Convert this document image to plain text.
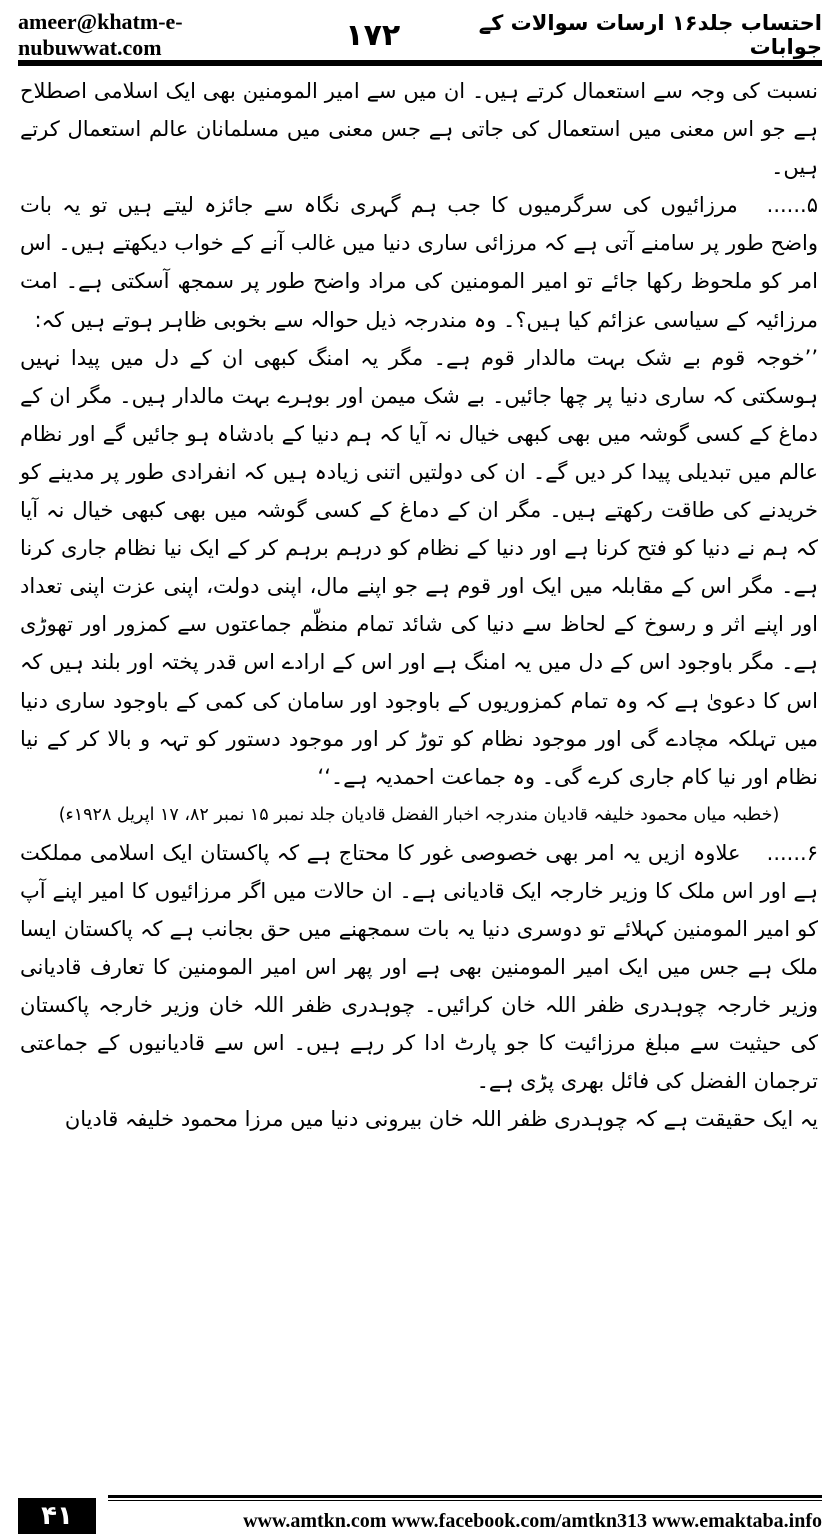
ameer@khatm-e-nubuwwat.com	۱۷۲	احتساب جلد۱۶ ارسات سوالات کے جوابات

نسبت کی وجہ سے استعمال کرتے ہیں۔ ان میں سے امیر المومنین بھی ایک اسلامی اصطلاح ہے جو اس معنی میں استعمال کی جاتی ہے جس معنی میں مسلمانان عالم استعمال کرتے ہیں۔

۵...... مرزائیوں کی سرگرمیوں کا جب ہم گہری نگاہ سے جائزہ لیتے ہیں تو یہ بات واضح طور پر سامنے آتی ہے کہ مرزائی ساری دنیا میں غالب آنے کے خواب دیکھتے ہیں۔ اس امر کو ملحوظ رکھا جائے تو امیر المومنین کی مراد واضح طور پر سمجھ آسکتی ہے۔ امت مرزائیہ کے سیاسی عزائم کیا ہیں؟۔ وہ مندرجہ ذیل حوالہ سے بخوبی ظاہر ہوتے ہیں کہ:

’’خوجہ قوم بے شک بہت مالدار قوم ہے۔ مگر یہ امنگ کبھی ان کے دل میں پیدا نہیں ہوسکتی کہ ساری دنیا پر چھا جائیں۔ بے شک میمن اور بوہرے بہت مالدار ہیں۔ مگر ان کے دماغ کے کسی گوشہ میں بھی کبھی خیال نہ آیا کہ ہم دنیا کے بادشاہ ہو جائیں گے اور نظام عالم میں تبدیلی پیدا کر دیں گے۔ ان کی دولتیں اتنی زیادہ ہیں کہ انفرادی طور پر مدینے کو خریدنے کی طاقت رکھتے ہیں۔ مگر ان کے دماغ کے کسی گوشہ میں بھی کبھی خیال نہ آیا کہ ہم نے دنیا کو فتح کرنا ہے اور دنیا کے نظام کو درہم برہم کر کے ایک نیا نظام جاری کرنا ہے۔ مگر اس کے مقابلہ میں ایک اور قوم ہے جو اپنے مال، اپنی دولت، اپنی عزت اپنی تعداد اور اپنے اثر و رسوخ کے لحاظ سے دنیا کی شائد تمام منظّم جماعتوں سے کمزور اور تھوڑی ہے۔ مگر باوجود اس کے دل میں یہ امنگ ہے اور اس کے ارادے اس قدر پختہ اور بلند ہیں کہ اس کا دعویٰ ہے کہ وہ تمام کمزوریوں کے باوجود اور سامان کی کمی کے باوجود ساری دنیا میں تہلکہ مچادے گی اور موجود نظام کو توڑ کر اور موجود دستور کو تہہ و بالا کر کے نیا نظام اور نیا کام جاری کرے گی۔ وہ جماعت احمدیہ ہے۔‘‘

(خطبہ میاں محمود خلیفہ قادیان مندرجہ اخبار الفضل قادیان جلد نمبر ۱۵ نمبر ۸۲، ۱۷ اپریل ۱۹۲۸ء)

۶...... علاوہ ازیں یہ امر بھی خصوصی غور کا محتاج ہے کہ پاکستان ایک اسلامی مملکت ہے اور اس ملک کا وزیر خارجہ ایک قادیانی ہے۔ ان حالات میں اگر مرزائیوں کا امیر اپنے آپ کو امیر المومنین کہلائے تو دوسری دنیا یہ بات سمجھنے میں حق بجانب ہے کہ پاکستان ایسا ملک ہے جس میں ایک امیر المومنین بھی ہے اور پھر اس امیر المومنین کا تعارف قادیانی وزیر خارجہ چوہدری ظفر اللہ خان کرائیں۔ چوہدری ظفر اللہ خان وزیر خارجہ پاکستان کی حیثیت سے مبلغ مرزائیت کا جو پارٹ ادا کر رہے ہیں۔ اس سے قادیانیوں کے جماعتی ترجمان الفضل کی فائل بھری پڑی ہے۔

یہ ایک حقیقت ہے کہ چوہدری ظفر اللہ خان بیرونی دنیا میں مرزا محمود خلیفہ قادیان

۴۱	www.amtkn.com www.facebook.com/amtkn313 www.emaktaba.info
